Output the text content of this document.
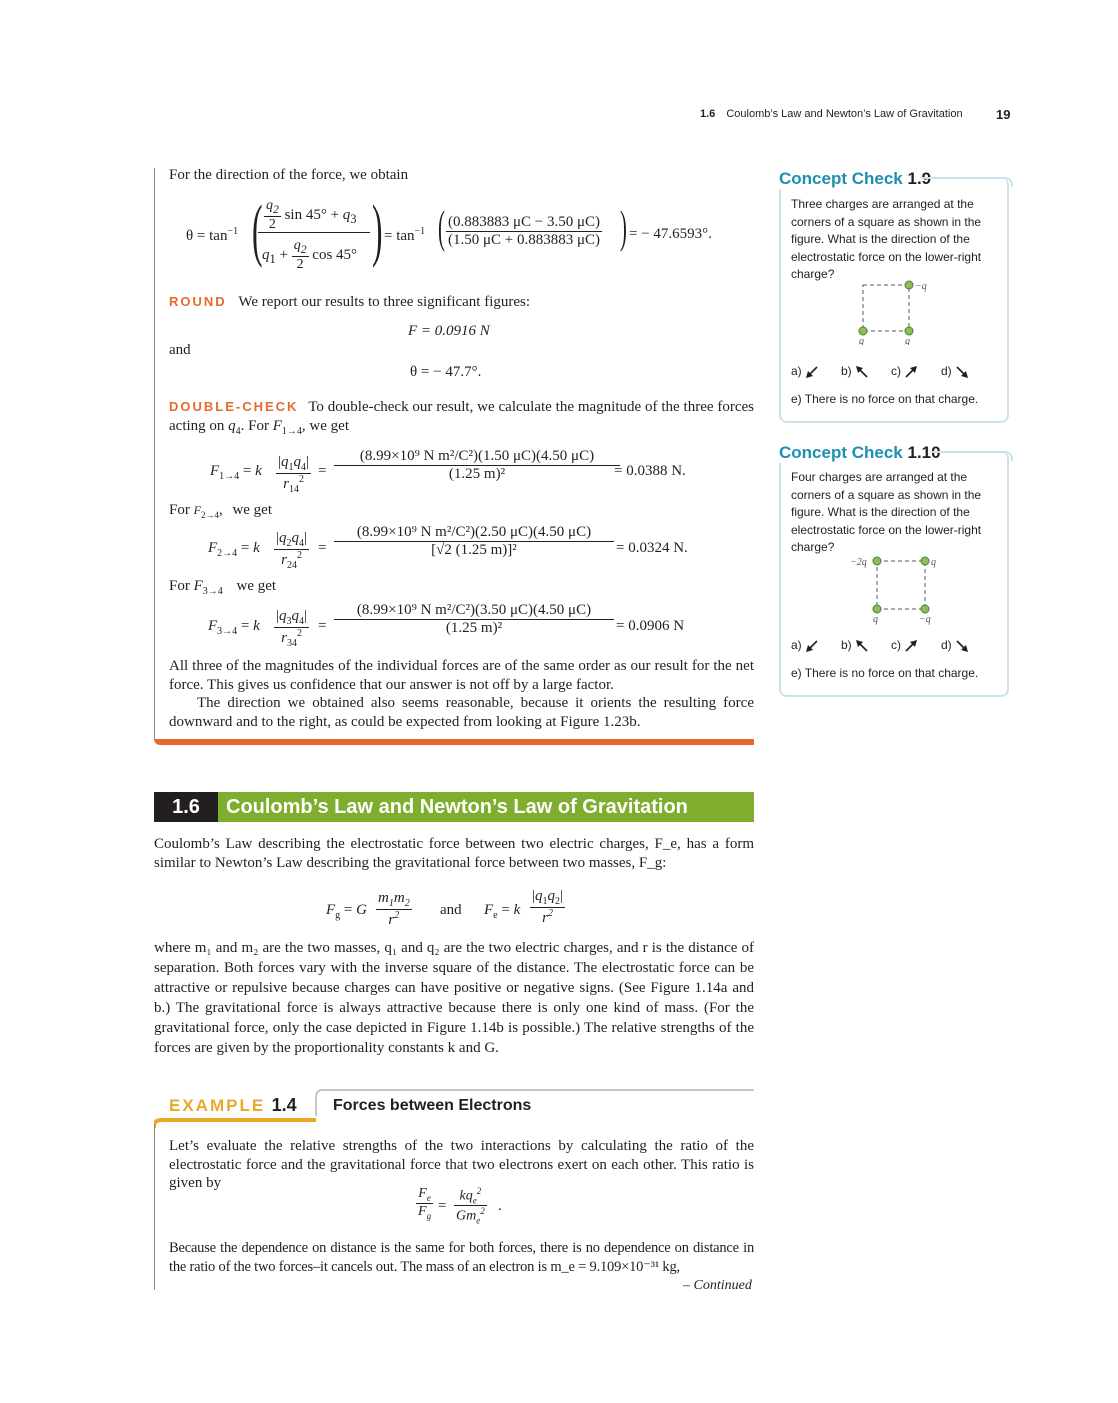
1.6 Coulomb’s Law and Newton’s Law of Gravitation	19
For the direction of the force, we obtain
$\theta = \tan^{-1}$ ( $\frac{q_2}{2}$ $\sin 45^\circ + q_3$
$q_1 + \frac{q_2}{2}$ cos 45° ) = $\tan^{-1}$ ( $\frac{(0.883883 \mu C - 3.50 \mu C)}{(1.50 \mu C + 0.883883 \mu C)}$ ) = − 47.6593°.
ROUND We report our results to three significant figures:
F = 0.0916 N
and
θ = − 47.7°.
DOUBLE-CHECK To double-check our result, we calculate the magnitude of the three forces acting on $q_4$. For $F_{1\to 4}$, we get
$F_{1\to 4} = k \frac{|q_1q_4|}{r_{14}^2} = \frac{\text{(8.99×10⁹ N m²/C²)(1.50 μC)(4.50 μC)}}{\text{(1.25 m)²}}$
= 0.0388 N.
For $F_{2\to 4}$, we get
$F_{2\to 4} = k \frac{|q_2q_4|}{r_{24}^2} = \frac{\text{(8.99×10⁹ N m²/C²)(2.50 μC)(4.50 μC)}}{\text{[√2 (1.25 m)]²}} = 0.0324$ N.
For $F_{3\to 4}$ we get
$F_{3\to 4} = k \frac{|q_3q_4|}{r_{34}^2} = \frac{\text{(8.99×10⁹ N m²/C²)(3.50 μC)(4.50 μC)}}{\text{(1.25 m)²}} = 0.0906$ N
All three of the magnitudes of the individual forces are of the same order as our result for the net force. This gives us confidence that our answer is not off by a large factor.
The direction we obtained also seems reasonable, because it orients the resulting force downward and to the right, as could be expected from looking at Figure 1.23b.
1.6	Coulomb’s Law and Newton’s Law of Gravitation
Coulomb’s Law describing the electrostatic force between two electric charges, F_e, has a form similar to Newton’s Law describing the gravitational force between two masses, F_g:
$F_g = G \frac{m_1m_2}{r^2}$ and $F_e = k \frac{|q_1q_2|}{r^2}$
where m₁ and m₂ are the two masses, q₁ and q₂ are the two electric charges, and r is the distance of separation. Both forces vary with the inverse square of the distance. The electrostatic force can be attractive or repulsive because charges can have positive or negative signs. (See Figure 1.14a and b.) The gravitational force is always attractive because there is only one kind of mass. (For the gravitational force, only the case depicted in Figure 1.14b is possible.) The relative strengths of the forces are given by the proportionality constants k and G.
EXAMPLE 1.4 Forces between Electrons
Let’s evaluate the relative strengths of the two interactions by calculating the ratio of the electrostatic force and the gravitational force that two electrons exert on each other. This ratio is given by
$\frac{F_e}{F_g}$ =
$kq_e^2$
$Gm_e^2$ .
Because the dependence on distance is the same for both forces, there is no dependence on distance in the ratio of the two forces–it cancels out. The mass of an electron is m_e = 9.109×10⁻³¹ kg,
– Continued
Concept Check 1.9
Three charges are arranged at the corners of a square as shown in the figure. What is the direction of the electrostatic force on the lower-right charge?
−q
q	q
a)	b)	c)	d)
e) There is no force on that charge.
Concept Check 1.10
Four charges are arranged at the corners of a square as shown in the figure. What is the direction of the electrostatic force on the lower-right charge?
−2q	q
q	−q
a)	b)	c)	d)
e) There is no force on that charge.
